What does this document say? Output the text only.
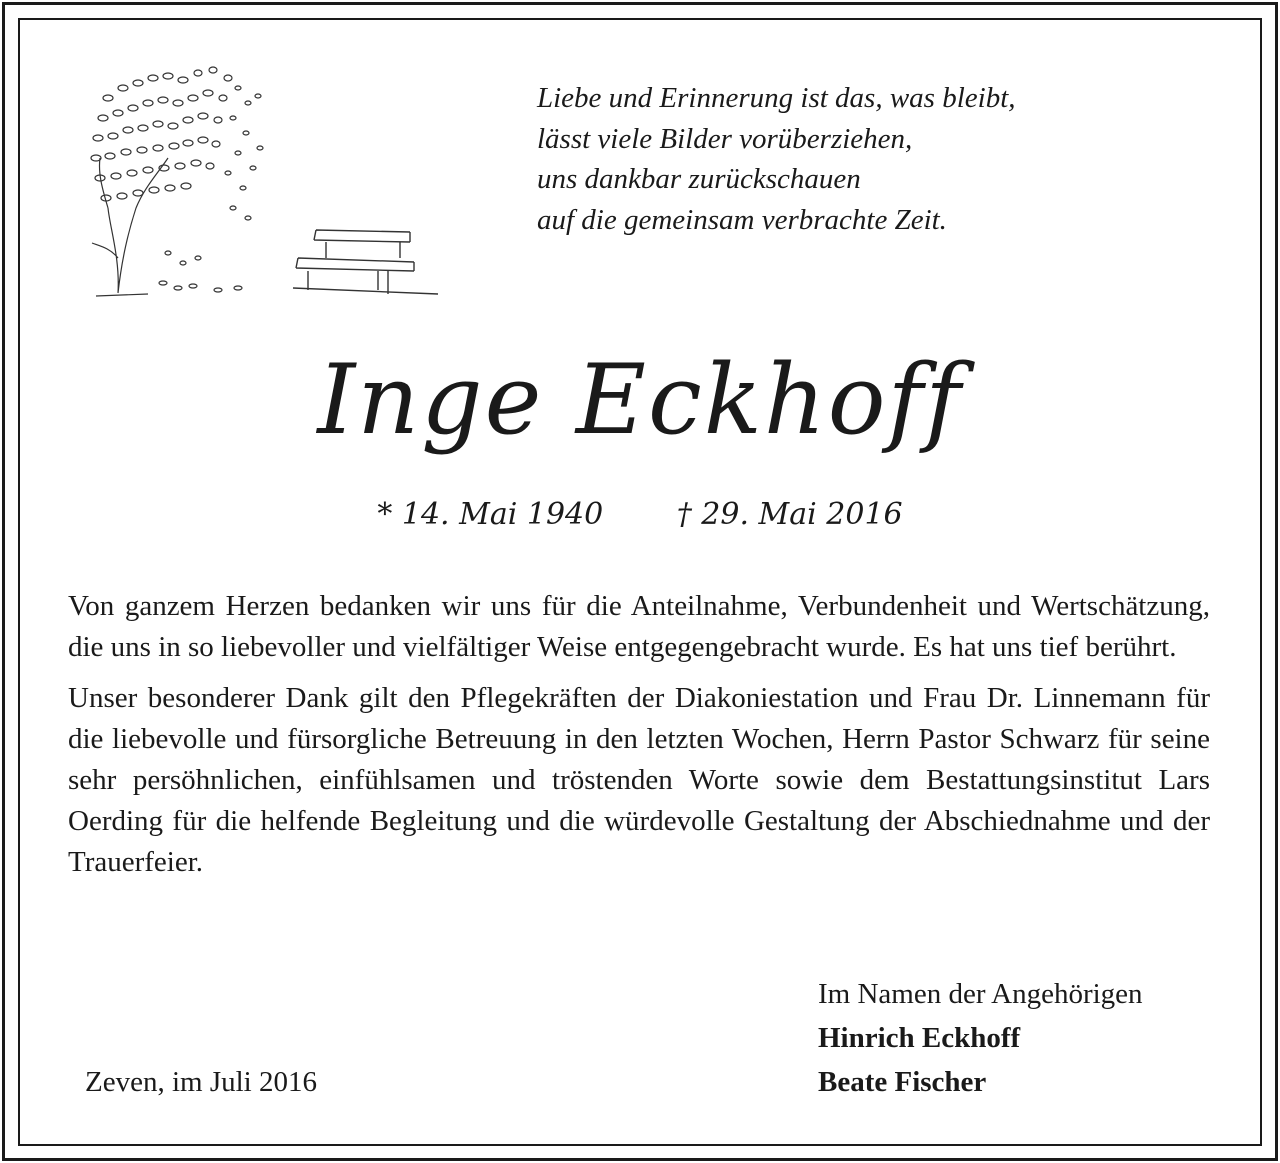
Liebe und Erinnerung ist das, was bleibt,
lässt viele Bilder vorüberziehen,
uns dankbar zurückschauen
auf die gemeinsam verbrachte Zeit.
Inge Eckhoff
* 14. Mai 1940 † 29. Mai 2016

Von ganzem Herzen bedanken wir uns für die Anteilnahme, Verbundenheit und Wertschätzung, die uns in so liebevoller und vielfältiger Weise entgegengebracht wurde. Es hat uns tief berührt.

Unser besonderer Dank gilt den Pflegekräften der Diakoniestation und Frau Dr. Linnemann für die liebevolle und fürsorgliche Betreuung in den letzten Wochen, Herrn Pastor Schwarz für seine sehr persöhnlichen, einfühlsamen und tröstenden Worte sowie dem Bestattungsinstitut Lars Oerding für die helfende Begleitung und die würdevolle Gestaltung der Abschiednahme und der Trauerfeier.

Im Namen der Angehörigen
Hinrich Eckhoff
Beate Fischer
Zeven, im Juli 2016
